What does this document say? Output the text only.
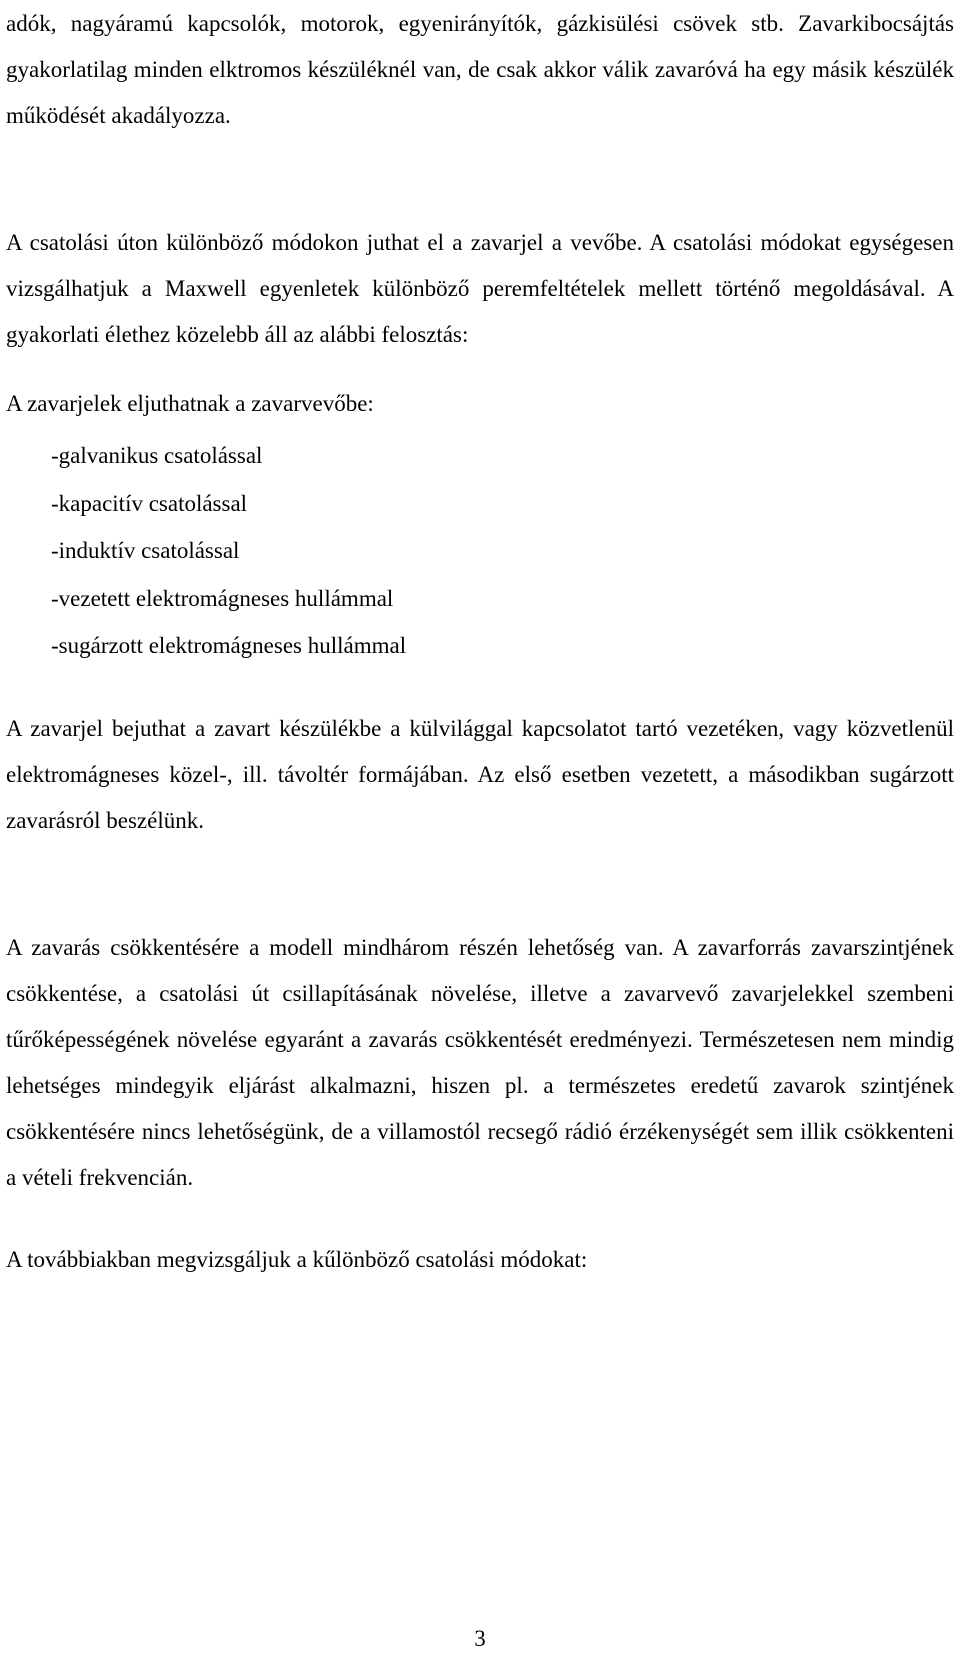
adók, nagyáramú kapcsolók, motorok, egyenirányítók, gázkisülési csövek stb. Zavarkibocsájtás gyakorlatilag minden elktromos készüléknél van, de csak akkor válik zavaróvá ha egy másik készülék működését akadályozza.

A csatolási úton különböző módokon juthat el a zavarjel a vevőbe. A csatolási módokat egységesen vizsgálhatjuk a Maxwell egyenletek különböző peremfeltételek mellett történő megoldásával. A gyakorlati élethez közelebb áll az alábbi felosztás:

A zavarjelek eljuthatnak a zavarvevőbe:

-galvanikus csatolással
-kapacitív csatolással
-induktív csatolással
-vezetett elektromágneses hullámmal
-sugárzott elektromágneses hullámmal

A zavarjel bejuthat a zavart készülékbe a külvilággal kapcsolatot tartó vezetéken, vagy közvetlenül elektromágneses közel-, ill. távoltér formájában. Az első esetben vezetett, a másodikban sugárzott zavarásról beszélünk.

A zavarás csökkentésére a modell mindhárom részén lehetőség van. A zavarforrás zavarszintjének csökkentése, a csatolási út csillapításának növelése, illetve a zavarvevő zavarjelekkel szembeni tűrőképességének növelése egyaránt a zavarás csökkentését eredményezi. Természetesen nem mindig lehetséges mindegyik eljárást alkalmazni, hiszen pl. a természetes eredetű zavarok szintjének csökkentésére nincs lehetőségünk, de a villamostól recsegő rádió érzékenységét sem illik csökkenteni a vételi frekvencián.

A továbbiakban megvizsgáljuk a kűlönböző csatolási módokat:

3
